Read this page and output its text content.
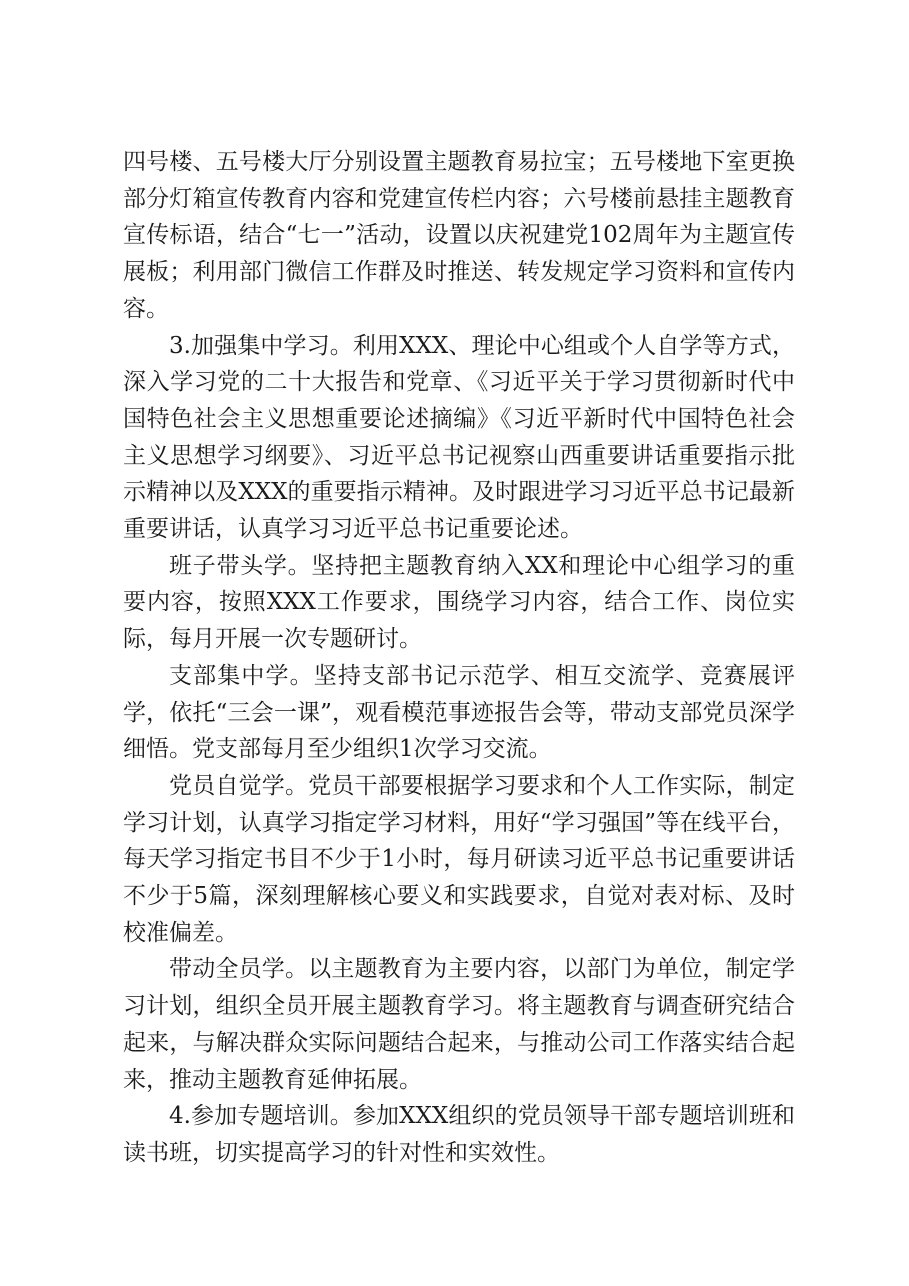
四号楼、五号楼大厅分别设置主题教育易拉宝；五号楼地下室更换部分灯箱宣传教育内容和党建宣传栏内容；六号楼前悬挂主题教育宣传标语，结合“七一”活动，设置以庆祝建党102周年为主题宣传展板；利用部门微信工作群及时推送、转发规定学习资料和宣传内容。

3.加强集中学习。利用XXX、理论中心组或个人自学等方式，深入学习党的二十大报告和党章、《习近平关于学习贯彻新时代中国特色社会主义思想重要论述摘编》《习近平新时代中国特色社会主义思想学习纲要》、习近平总书记视察山西重要讲话重要指示批示精神以及XXX的重要指示精神。及时跟进学习习近平总书记最新重要讲话，认真学习习近平总书记重要论述。

班子带头学。坚持把主题教育纳入XX和理论中心组学习的重要内容，按照XXX工作要求，围绕学习内容，结合工作、岗位实际，每月开展一次专题研讨。

支部集中学。坚持支部书记示范学、相互交流学、竞赛展评学，依托“三会一课”，观看模范事迹报告会等，带动支部党员深学细悟。党支部每月至少组织1次学习交流。

党员自觉学。党员干部要根据学习要求和个人工作实际，制定学习计划，认真学习指定学习材料，用好“学习强国”等在线平台，每天学习指定书目不少于1小时，每月研读习近平总书记重要讲话不少于5篇，深刻理解核心要义和实践要求，自觉对表对标、及时校准偏差。

带动全员学。以主题教育为主要内容，以部门为单位，制定学习计划，组织全员开展主题教育学习。将主题教育与调查研究结合起来，与解决群众实际问题结合起来，与推动公司工作落实结合起来，推动主题教育延伸拓展。

4.参加专题培训。参加XXX组织的党员领导干部专题培训班和读书班，切实提高学习的针对性和实效性。
